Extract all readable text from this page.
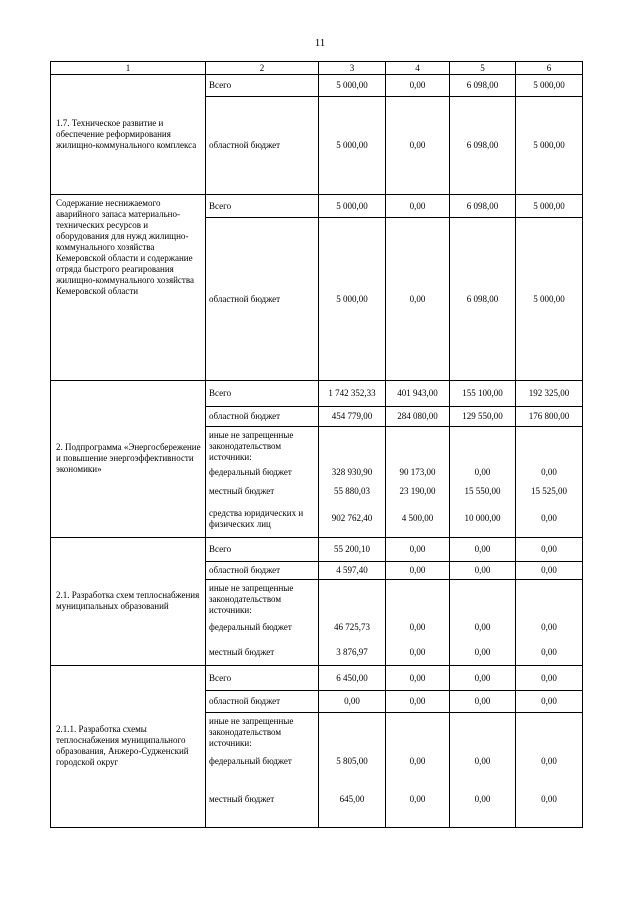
11
1	2	3	4	5	6
1.7. Техническое развитие и обеспечение реформирования жилищно-коммунального комплекса	Всего	5 000,00	0,00	6 098,00	5 000,00
	областной бюджет	5 000,00	0,00	6 098,00	5 000,00
Содержание неснижаемого аварийного запаса материально-технических ресурсов и оборудования для нужд жилищно-коммунального хозяйства Кемеровской области и содержание отряда быстрого реагирования жилищно-коммунального хозяйства Кемеровской области	Всего	5 000,00	0,00	6 098,00	5 000,00
	областной бюджет	5 000,00	0,00	6 098,00	5 000,00
2. Подпрограмма «Энергосбережение и повышение энергоэффективности экономики»	Всего	1 742 352,33	401 943,00	155 100,00	192 325,00
	областной бюджет	454 779,00	284 080,00	129 550,00	176 800,00
	иные не запрещенные законодательством источники:				
	федеральный бюджет	328 930,90	90 173,00	0,00	0,00
	местный бюджет	55 880,03	23 190,00	15 550,00	15 525,00
	средства юридических и физических лиц	902 762,40	4 500,00	10 000,00	0,00
2.1. Разработка схем теплоснабжения муниципальных образований	Всего	55 200,10	0,00	0,00	0,00
	областной бюджет	4 597,40	0,00	0,00	0,00
	иные не запрещенные законодательством источники:				
	федеральный бюджет	46 725,73	0,00	0,00	0,00
	местный бюджет	3 876,97	0,00	0,00	0,00
2.1.1. Разработка схемы теплоснабжения муниципального образования, Анжеро-Судженский городской округ	Всего	6 450,00	0,00	0,00	0,00
	областной бюджет	0,00	0,00	0,00	0,00
	иные не запрещенные законодательством источники:				
	федеральный бюджет	5 805,00	0,00	0,00	0,00
	местный бюджет	645,00	0,00	0,00	0,00
